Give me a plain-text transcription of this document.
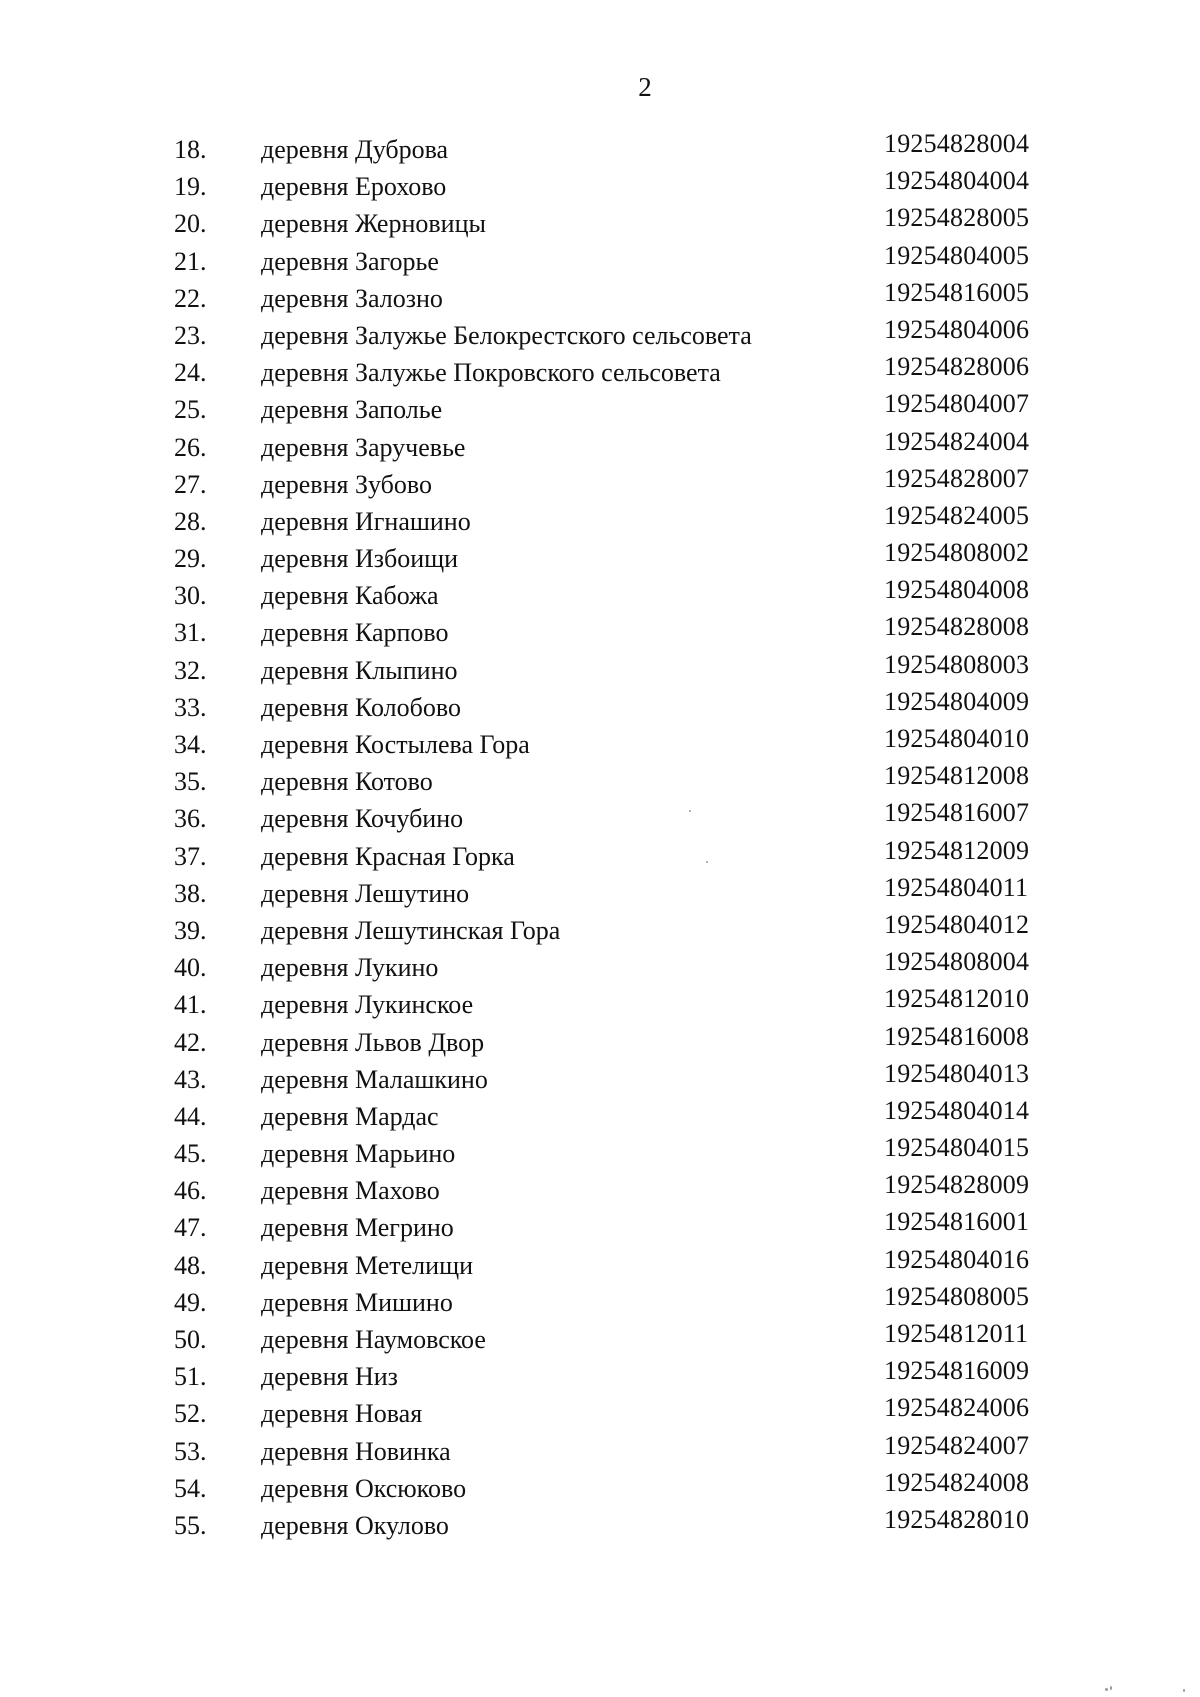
2
18. деревня Дуброва	19254828004
19. деревня Ерохово	19254804004
20. деревня Жерновицы	19254828005
21. деревня Загорье	19254804005
22. деревня Залозно	19254816005
23. деревня Залужье Белокрестского сельсовета	19254804006
24. деревня Залужье Покровского сельсовета	19254828006
25. деревня Заполье	19254804007
26. деревня Заручевье	19254824004
27. деревня Зубово	19254828007
28. деревня Игнашино	19254824005
29. деревня Избоищи	19254808002
30. деревня Кабожа	19254804008
31. деревня Карпово	19254828008
32. деревня Клыпино	19254808003
33. деревня Колобово	19254804009
34. деревня Костылева Гора	19254804010
35. деревня Котово	19254812008
36. деревня Кочубино	19254816007
37. деревня Красная Горка	19254812009
38. деревня Лешутино	19254804011
39. деревня Лешутинская Гора	19254804012
40. деревня Лукино	19254808004
41. деревня Лукинское	19254812010
42. деревня Львов Двор	19254816008
43. деревня Малашкино	19254804013
44. деревня Мардас	19254804014
45. деревня Марьино	19254804015
46. деревня Махово	19254828009
47. деревня Мегрино	19254816001
48. деревня Метелищи	19254804016
49. деревня Мишино	19254808005
50. деревня Наумовское	19254812011
51. деревня Низ	19254816009
52. деревня Новая	19254824006
53. деревня Новинка	19254824007
54. деревня Оксюково	19254824008
55. деревня Окулово	19254828010
